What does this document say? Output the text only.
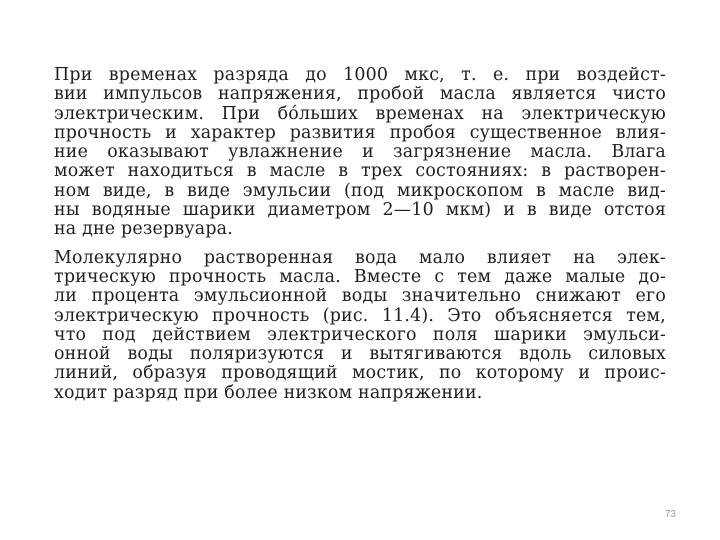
При временах разряда до 1000 мкс, т. е. при воздейст-
вии импульсов напряжения, пробой масла является чисто
электрическим. При бóльших временах на электрическую
прочность и характер развития пробоя существенное влия-
ние оказывают увлажнение и загрязнение масла. Влага
может находиться в масле в трех состояниях: в растворен-
ном виде, в виде эмульсии (под микроскопом в масле вид-
ны водяные шарики диаметром 2—10 мкм) и в виде отстоя
на дне резервуара.
Молекулярно растворенная вода мало влияет на элек-
трическую прочность масла. Вместе с тем даже малые до-
ли процента эмульсионной воды значительно снижают его
электрическую прочность (рис. 11.4). Это объясняется тем,
что под действием электрического поля шарики эмульси-
онной воды поляризуются и вытягиваются вдоль силовых
линий, образуя проводящий мостик, по которому и проис-
ходит разряд при более низком напряжении.
73
